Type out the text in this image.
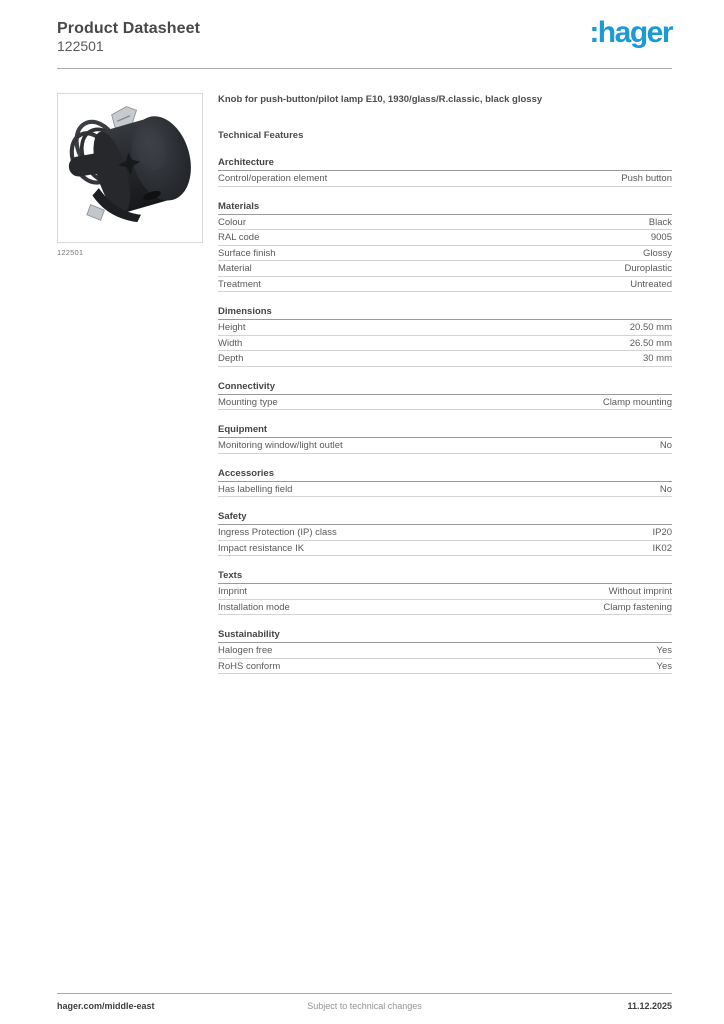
Product Datasheet
122501	:hager
122501
Knob for push-button/pilot lamp E10, 1930/glass/R.classic, black glossy
Technical Features
Architecture
Control/operation element	Push button
Materials
Colour	Black
RAL code	9005
Surface finish	Glossy
Material	Duroplastic
Treatment	Untreated
Dimensions
Height	20.50 mm
Width	26.50 mm
Depth	30 mm
Connectivity
Mounting type	Clamp mounting
Equipment
Monitoring window/light outlet	No
Accessories
Has labelling field	No
Safety
Ingress Protection (IP) class	IP20
Impact resistance IK	IK02
Texts
Imprint	Without imprint
Installation mode	Clamp fastening
Sustainability
Halogen free	Yes
RoHS conform	Yes
hager.com/middle-east	Subject to technical changes	11.12.2025
